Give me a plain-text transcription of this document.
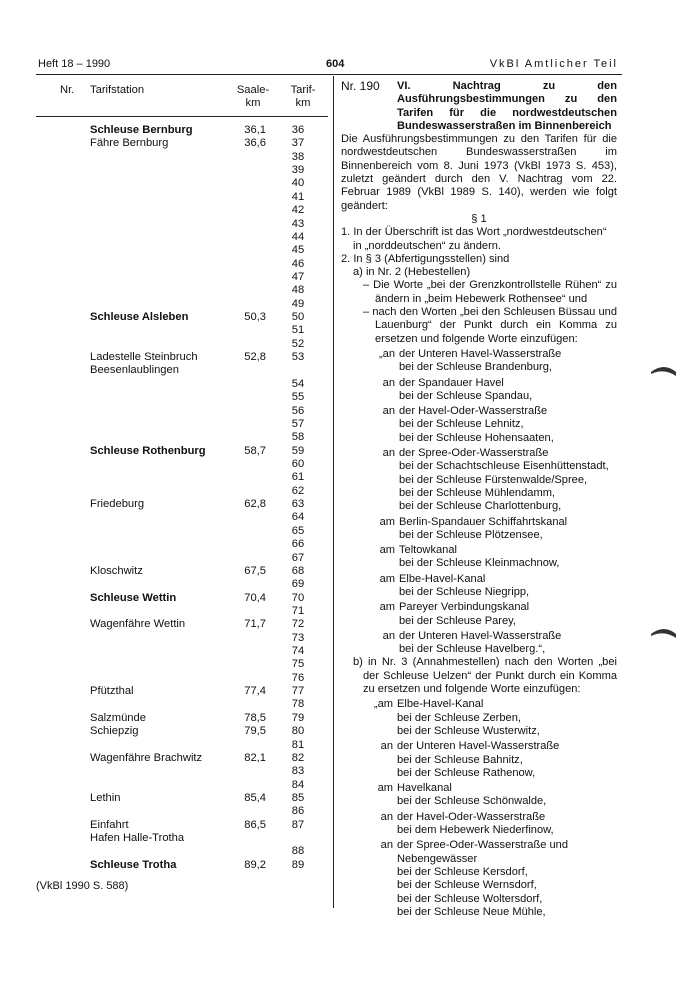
Heft 18 – 1990	604	VkBl Amtlicher Teil
Nr. Tarifstation	Saale-
km
Tarif-
km
Schleuse Bernburg	36,1	36
Fähre Bernburg	36,6	37
38
39
40
41
42
43
44
45
46
47
48
49
Schleuse Alsleben	50,3	50
51
52
Ladestelle Steinbruch	52,8	53
Beesenlaublingen
54
55
56
57
58
Schleuse Rothenburg	58,7	59
60
61
62
Friedeburg	62,8	63
64
65
66
67
Kloschwitz	67,5	68
69
Schleuse Wettin	70,4	70
71
Wagenfähre Wettin	71,7	72
73
74
75
76
Pfützthal	77,4	77
78
Salzmünde	78,5	79
Schiepzig	79,5	80
81
Wagenfähre Brachwitz	82,1	82
83
84
Lethin	85,4	85
86
Einfahrt	86,5	87
Hafen Halle-Trotha
88
Schleuse Trotha	89,2	89
(VkBl 1990 S. 588)
Nr. 190	VI. Nachtrag zu den Ausführungsbestimmungen zu den Tarifen für die nordwestdeutschen Bundeswasserstraßen im Binnenbereich

Die Ausführungsbestimmungen zu den Tarifen für die nordwestdeutschen Bundeswasserstraßen im Binnenbereich vom 8. Juni 1973 (VkBl 1973 S. 453), zuletzt geändert durch den V. Nachtrag vom 22. Februar 1989 (VkBl 1989 S. 140), werden wie folgt geändert:

§ 1

1. In der Überschrift ist das Wort „nordwestdeutschen“ in „norddeutschen“ zu ändern.

2. In § 3 (Abfertigungsstellen) sind

a) in Nr. 2 (Hebestellen)

– Die Worte „bei der Grenzkontrollstelle Rühen“ zu ändern in „beim Hebewerk Rothensee“ und

– nach den Worten „bei den Schleusen Büssau und Lauenburg“ der Punkt durch ein Komma zu ersetzen und folgende Worte einzufügen:

„an der Unteren Havel-Wasserstraße
bei der Schleuse Brandenburg,
an der Spandauer Havel
bei der Schleuse Spandau,
an der Havel-Oder-Wasserstraße
bei der Schleuse Lehnitz,
bei der Schleuse Hohensaaten,
an der Spree-Oder-Wasserstraße
bei der Schachtschleuse Eisenhüttenstadt,
bei der Schleuse Fürstenwalde/Spree,
bei der Schleuse Mühlendamm,
bei der Schleuse Charlottenburg,
am Berlin-Spandauer Schiffahrtskanal
bei der Schleuse Plötzensee,
am Teltowkanal
bei der Schleuse Kleinmachnow,
am Elbe-Havel-Kanal
bei der Schleuse Niegripp,
am Pareyer Verbindungskanal
bei der Schleuse Parey,
an der Unteren Havel-Wasserstraße
bei der Schleuse Havelberg.“,

b) in Nr. 3 (Annahmestellen) nach den Worten „bei der Schleuse Uelzen“ der Punkt durch ein Komma zu ersetzen und folgende Worte einzufügen:

„am Elbe-Havel-Kanal
bei der Schleuse Zerben,
bei der Schleuse Wusterwitz,
an der Unteren Havel-Wasserstraße
bei der Schleuse Bahnitz,
bei der Schleuse Rathenow,
am Havelkanal
bei der Schleuse Schönwalde,
an der Havel-Oder-Wasserstraße
bei dem Hebewerk Niederfinow,
an der Spree-Oder-Wasserstraße und Nebengewässer
bei der Schleuse Kersdorf,
bei der Schleuse Wernsdorf,
bei der Schleuse Woltersdorf,
bei der Schleuse Neue Mühle,
